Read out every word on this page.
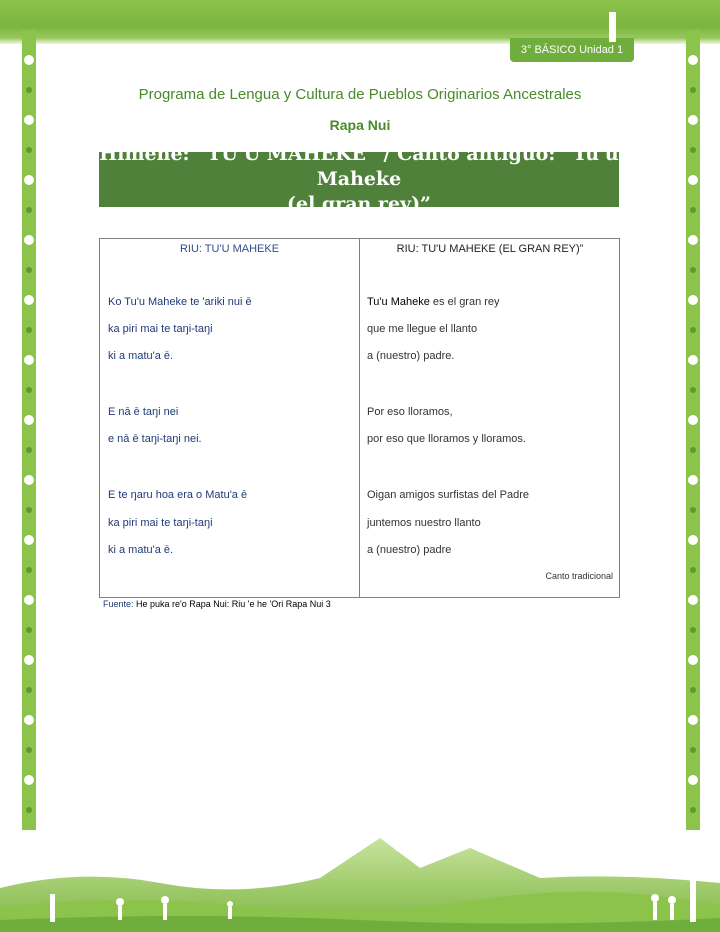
3° BÁSICO Unidad 1
Programa de Lengua y Cultura de Pueblos Originarios Ancestrales
Rapa Nui
Hīmene: “TU'U MAHEKE” / Canto antiguo: “Tu'u Maheke
(el gran rey)”
RIU: TU'U MAHEKE	RIU: TU'U MAHEKE (EL GRAN REY)”
Ko Tu'u Maheke te 'ariki nui ē
ka piri mai te taŋi-taŋi
ki a matu'a ē.
E nā ē taŋi nei
e nā ē taŋi-taŋi nei.
E te ŋaru hoa era o Matu'a ē
ka piri mai te taŋi-taŋi
ki a matu'a ē.
Tu'u Maheke es el gran rey
que me llegue el llanto
a (nuestro) padre.
Por eso lloramos,
por eso que lloramos y lloramos.
Oigan amigos surfistas del Padre
juntemos nuestro llanto
a (nuestro) padre
Canto tradicional
Fuente: He puka re'o Rapa Nui: Riu 'e he 'Ori Rapa Nui 3
